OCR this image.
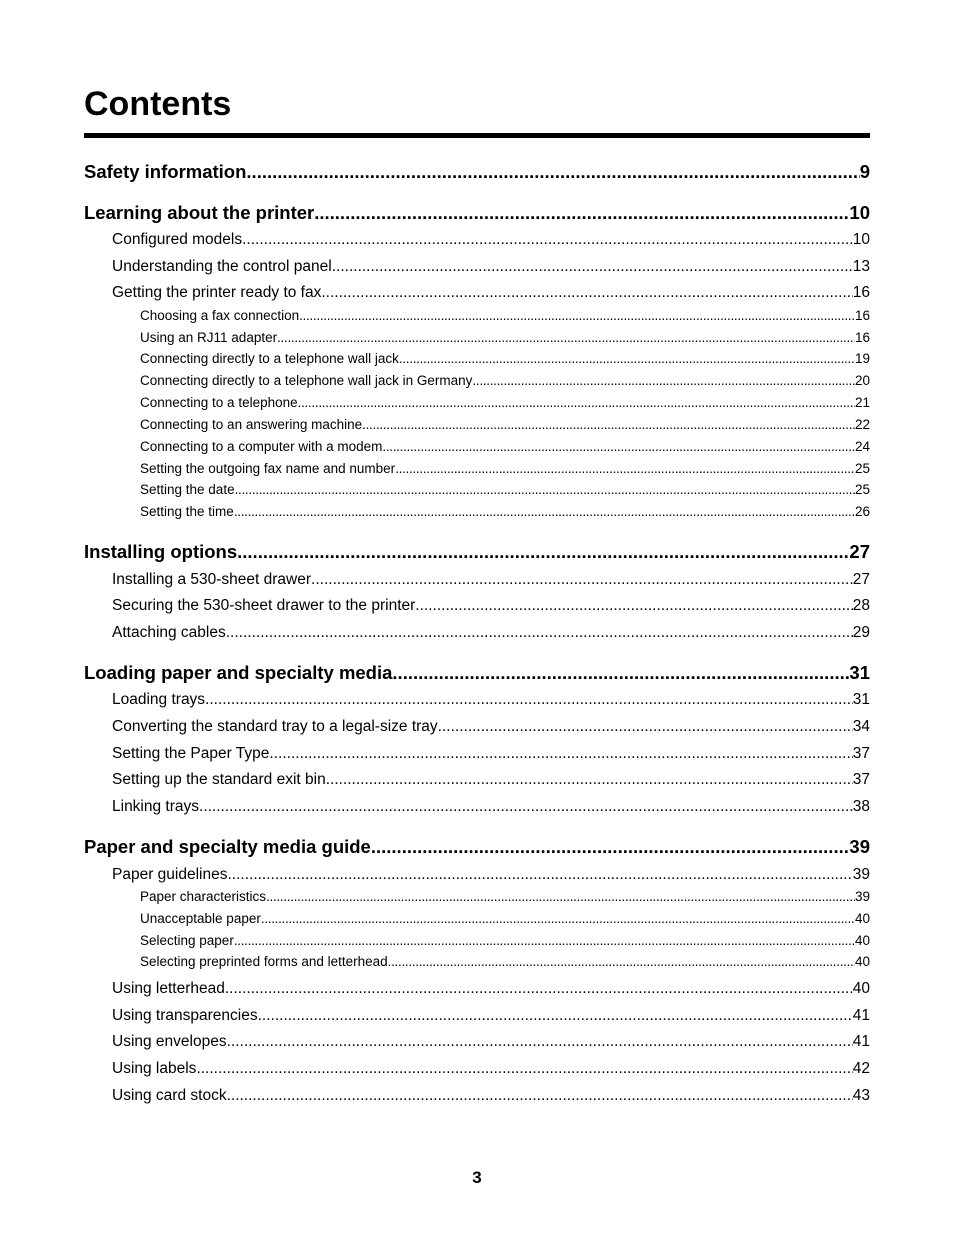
Contents
Safety information .....	9
Learning about the printer .....	10
Configured models .....	10
Understanding the control panel .....	13
Getting the printer ready to fax .....	16
Choosing a fax connection .....	16
Using an RJ11 adapter .....	16
Connecting directly to a telephone wall jack .....	19
Connecting directly to a telephone wall jack in Germany .....	20
Connecting to a telephone .....	21
Connecting to an answering machine .....	22
Connecting to a computer with a modem .....	24
Setting the outgoing fax name and number .....	25
Setting the date .....	25
Setting the time .....	26
Installing options .....	27
Installing a 530-sheet drawer .....	27
Securing the 530-sheet drawer to the printer .....	28
Attaching cables .....	29
Loading paper and specialty media .....	31
Loading trays .....	31
Converting the standard tray to a legal-size tray .....	34
Setting the Paper Type .....	37
Setting up the standard exit bin .....	37
Linking trays .....	38
Paper and specialty media guide .....	39
Paper guidelines .....	39
Paper characteristics .....	39
Unacceptable paper .....	40
Selecting paper .....	40
Selecting preprinted forms and letterhead .....	40
Using letterhead .....	40
Using transparencies .....	41
Using envelopes .....	41
Using labels .....	42
Using card stock .....	43
3
